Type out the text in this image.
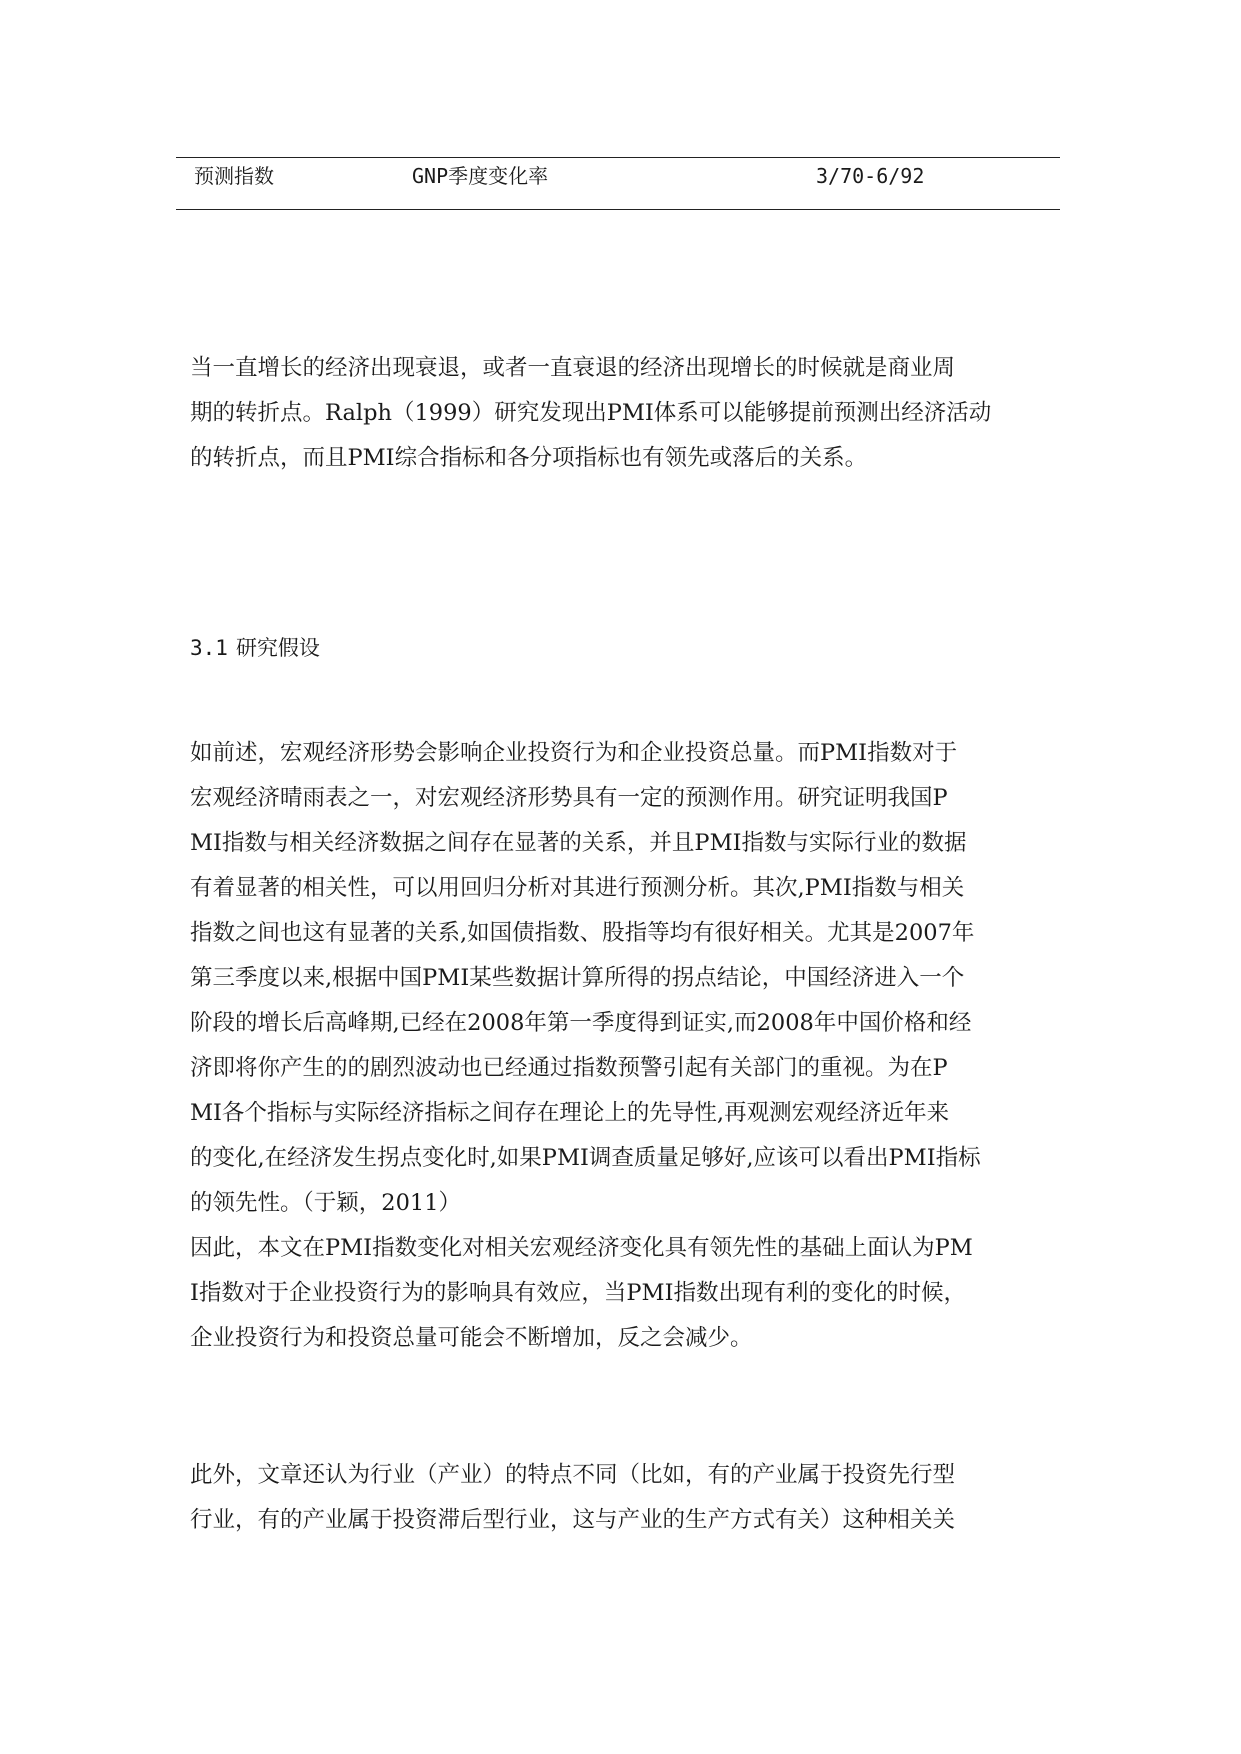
预测指数	GNP季度变化率	3/70-6/92
当一直增长的经济出现衰退，或者一直衰退的经济出现增长的时候就是商业周
期的转折点。Ralph（1999）研究发现出PMI体系可以能够提前预测出经济活动
的转折点，而且PMI综合指标和各分项指标也有领先或落后的关系。
3.1 研究假设
如前述，宏观经济形势会影响企业投资行为和企业投资总量。而PMI指数对于
宏观经济晴雨表之一，对宏观经济形势具有一定的预测作用。研究证明我国P
MI指数与相关经济数据之间存在显著的关系，并且PMI指数与实际行业的数据
有着显著的相关性，可以用回归分析对其进行预测分析。其次,PMI指数与相关
指数之间也这有显著的关系,如国债指数、股指等均有很好相关。尤其是2007年
第三季度以来,根据中国PMI某些数据计算所得的拐点结论，中国经济进入一个
阶段的增长后高峰期,已经在2008年第一季度得到证实,而2008年中国价格和经
济即将你产生的的剧烈波动也已经通过指数预警引起有关部门的重视。为在P
MI各个指标与实际经济指标之间存在理论上的先导性,再观测宏观经济近年来
的变化,在经济发生拐点变化时,如果PMI调查质量足够好,应该可以看出PMI指标
的领先性。（于颖，2011）
因此，本文在PMI指数变化对相关宏观经济变化具有领先性的基础上面认为PM
I指数对于企业投资行为的影响具有效应，当PMI指数出现有利的变化的时候，
企业投资行为和投资总量可能会不断增加，反之会减少。
此外，文章还认为行业（产业）的特点不同（比如，有的产业属于投资先行型
行业，有的产业属于投资滞后型行业，这与产业的生产方式有关）这种相关关
